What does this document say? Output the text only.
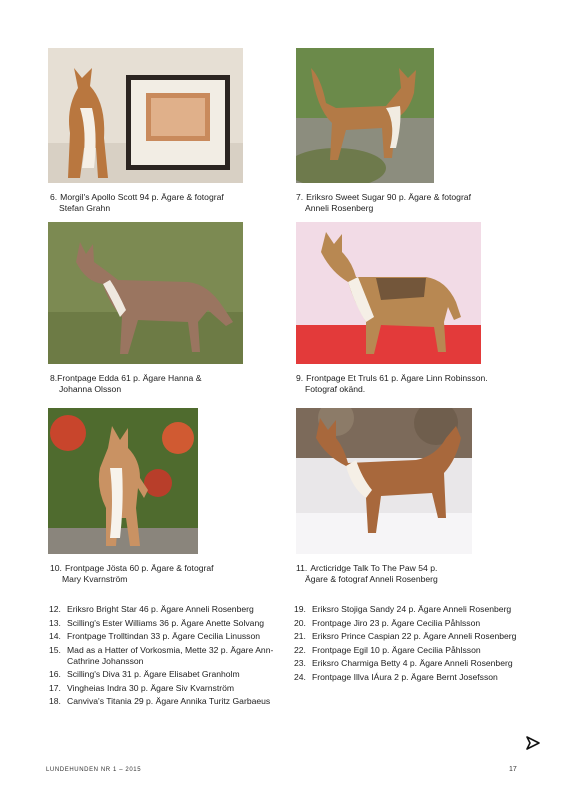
6. Morgil's Apollo Scott 94 p. Ägare & fotograf
Stefan Grahn
7. Eriksro Sweet Sugar 90 p. Ägare & fotograf
Anneli Rosenberg
8.Frontpage Edda 61 p. Ägare Hanna &
Johanna Olsson
9. Frontpage Et Truls 61 p. Ägare Linn Robinsson.
Fotograf okänd.
10. Frontpage Jösta 60 p. Ägare & fotograf
Mary Kvarnström
11. Arcticridge Talk To The Paw 54 p.
Ägare & fotograf Anneli Rosenberg
12. Eriksro Bright Star 46 p. Ägare Anneli Rosenberg
13. Scilling's Ester Williams 36 p. Ägare Anette Solvang
14. Frontpage Trolltindan 33 p. Ägare Cecilia Linusson
15. Mad as a Hatter of Vorkosmia, Mette 32 p. Ägare Ann-Cathrine Johansson
16. Scilling's Diva 31 p. Ägare Elisabet Granholm
17. Vingheias Indra 30 p. Ägare Siv Kvarnström
18. Canviva's Titania 29 p. Ägare Annika Turitz Garbaeus
19. Eriksro Stojiga Sandy 24 p. Ägare Anneli Rosenberg
20. Frontpage Jiro 23 p. Ägare Cecilia Påhlsson
21. Eriksro Prince Caspian 22 p. Ägare Anneli Rosenberg
22. Frontpage Egil 10 p. Ägare Cecilia Påhlsson
23. Eriksro Charmiga Betty 4 p. Ägare Anneli Rosenberg
24. Frontpage Illva IÁura 2 p. Ägare Bernt Josefsson
LUNDEHUNDEN NR 1 – 2015	17
